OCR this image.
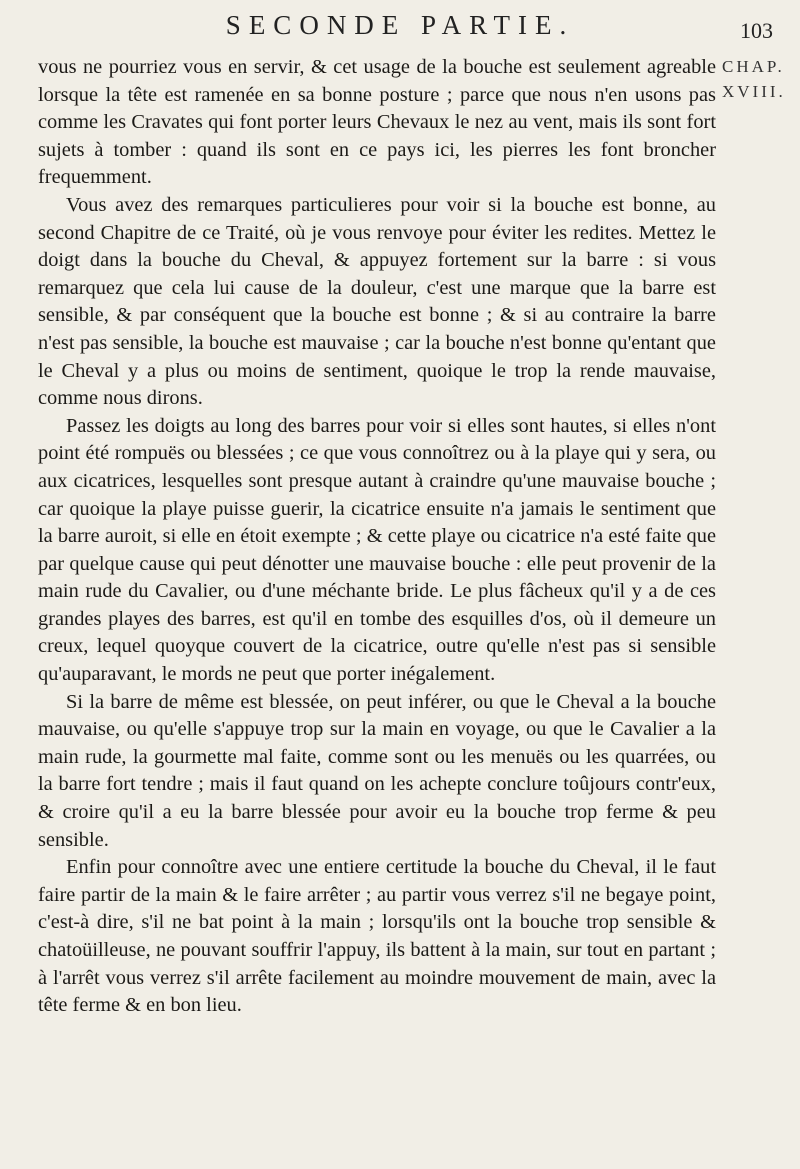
SECONDE PARTIE.	103
CHAP.
XVIII.

vous ne pourriez vous en servir, & cet usage de la bouche est seulement agreable lorsque la tête est ramenée en sa bonne posture ; parce que nous n'en usons pas comme les Cravates qui font porter leurs Chevaux le nez au vent, mais ils sont fort sujets à tomber : quand ils sont en ce pays ici, les pierres les font broncher frequemment.

Vous avez des remarques particulieres pour voir si la bouche est bonne, au second Chapitre de ce Traité, où je vous renvoye pour éviter les redites. Mettez le doigt dans la bouche du Cheval, & appuyez fortement sur la barre : si vous remarquez que cela lui cause de la douleur, c'est une marque que la barre est sensible, & par conséquent que la bouche est bonne ; & si au contraire la barre n'est pas sensible, la bouche est mauvaise ; car la bouche n'est bonne qu'entant que le Cheval y a plus ou moins de sentiment, quoique le trop la rende mauvaise, comme nous dirons.

Passez les doigts au long des barres pour voir si elles sont hautes, si elles n'ont point été rompuës ou blessées ; ce que vous connoîtrez ou à la playe qui y sera, ou aux cicatrices, lesquelles sont presque autant à craindre qu'une mauvaise bouche ; car quoique la playe puisse guerir, la cicatrice ensuite n'a jamais le sentiment que la barre auroit, si elle en étoit exempte ; & cette playe ou cicatrice n'a esté faite que par quelque cause qui peut dénotter une mauvaise bouche : elle peut provenir de la main rude du Cavalier, ou d'une méchante bride. Le plus fâcheux qu'il y a de ces grandes playes des barres, est qu'il en tombe des esquilles d'os, où il demeure un creux, lequel quoyque couvert de la cicatrice, outre qu'elle n'est pas si sensible qu'auparavant, le mords ne peut que porter inégalement.

Si la barre de même est blessée, on peut inférer, ou que le Cheval a la bouche mauvaise, ou qu'elle s'appuye trop sur la main en voyage, ou que le Cavalier a la main rude, la gourmette mal faite, comme sont ou les menuës ou les quarrées, ou la barre fort tendre ; mais il faut quand on les achepte conclure toûjours contr'eux, & croire qu'il a eu la barre blessée pour avoir eu la bouche trop ferme & peu sensible.

Enfin pour connoître avec une entiere certitude la bouche du Cheval, il le faut faire partir de la main & le faire arrêter ; au partir vous verrez s'il ne begaye point, c'est-à dire, s'il ne bat point à la main ; lorsqu'ils ont la bouche trop sensible & chatoüilleuse, ne pouvant souffrir l'appuy, ils battent à la main, sur tout en partant ; à l'arrêt vous verrez s'il arrête facilement au moindre mouvement de main, avec la tête ferme & en bon lieu.
